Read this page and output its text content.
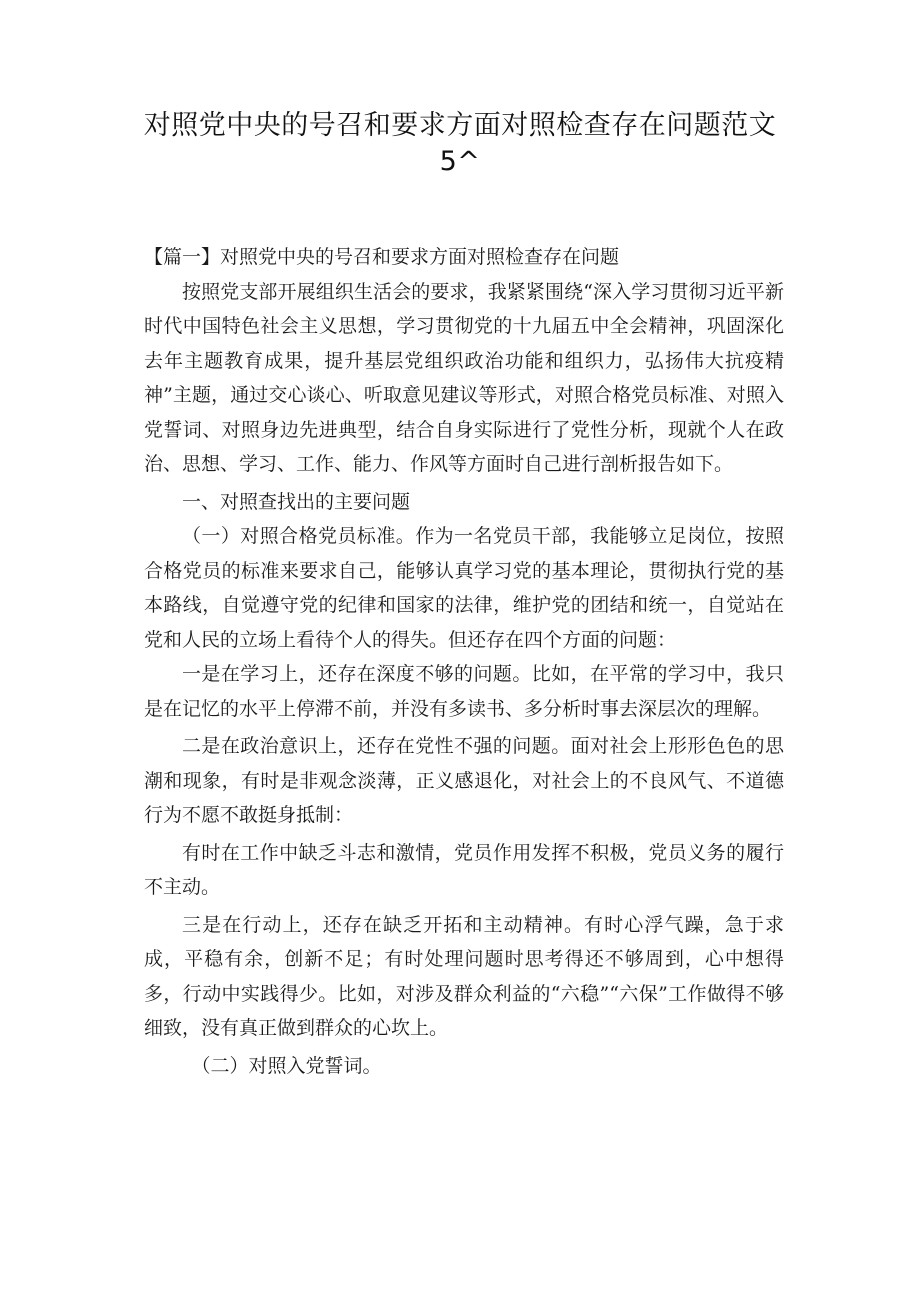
对照党中央的号召和要求方面对照检查存在问题范文
5^

【篇一】对照党中央的号召和要求方面对照检查存在问题

按照党支部开展组织生活会的要求，我紧紧围绕“深入学习贯彻习近平新时代中国特色社会主义思想，学习贯彻党的十九届五中全会精神，巩固深化去年主题教育成果，提升基层党组织政治功能和组织力，弘扬伟大抗疫精神”主题，通过交心谈心、听取意见建议等形式，对照合格党员标准、对照入党誓词、对照身边先进典型，结合自身实际进行了党性分析，现就个人在政治、思想、学习、工作、能力、作风等方面时自己进行剖析报告如下。

一、对照查找出的主要问题

（一）对照合格党员标准。作为一名党员干部，我能够立足岗位，按照合格党员的标准来要求自己，能够认真学习党的基本理论，贯彻执行党的基本路线，自觉遵守党的纪律和国家的法律，维护党的团结和统一，自觉站在党和人民的立场上看待个人的得失。但还存在四个方面的问题：

一是在学习上，还存在深度不够的问题。比如，在平常的学习中，我只是在记忆的水平上停滞不前，并没有多读书、多分析时事去深层次的理解。

二是在政治意识上，还存在党性不强的问题。面对社会上形形色色的思潮和现象，有时是非观念淡薄，正义感退化，对社会上的不良风气、不道德行为不愿不敢挺身抵制：

有时在工作中缺乏斗志和激情，党员作用发挥不积极，党员义务的履行不主动。

三是在行动上，还存在缺乏开拓和主动精神。有时心浮气躁，急于求成，平稳有余，创新不足；有时处理问题时思考得还不够周到，心中想得多，行动中实践得少。比如，对涉及群众利益的“六稳”“六保”工作做得不够细致，没有真正做到群众的心坎上。

（二）对照入党誓词。
